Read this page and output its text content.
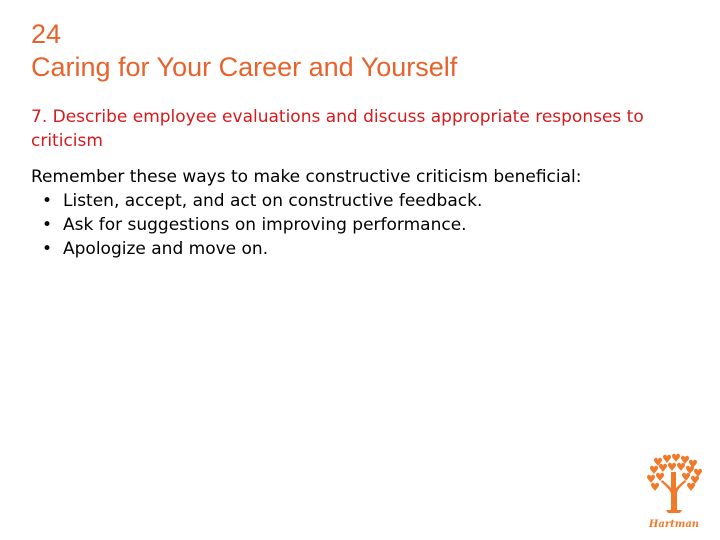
24
Caring for Your Career and Yourself
7. Describe employee evaluations and discuss appropriate responses to criticism

Remember these ways to make constructive criticism beneficial:

• Listen, accept, and act on constructive feedback.
• Ask for suggestions on improving performance.
• Apologize and move on.
Hartman
